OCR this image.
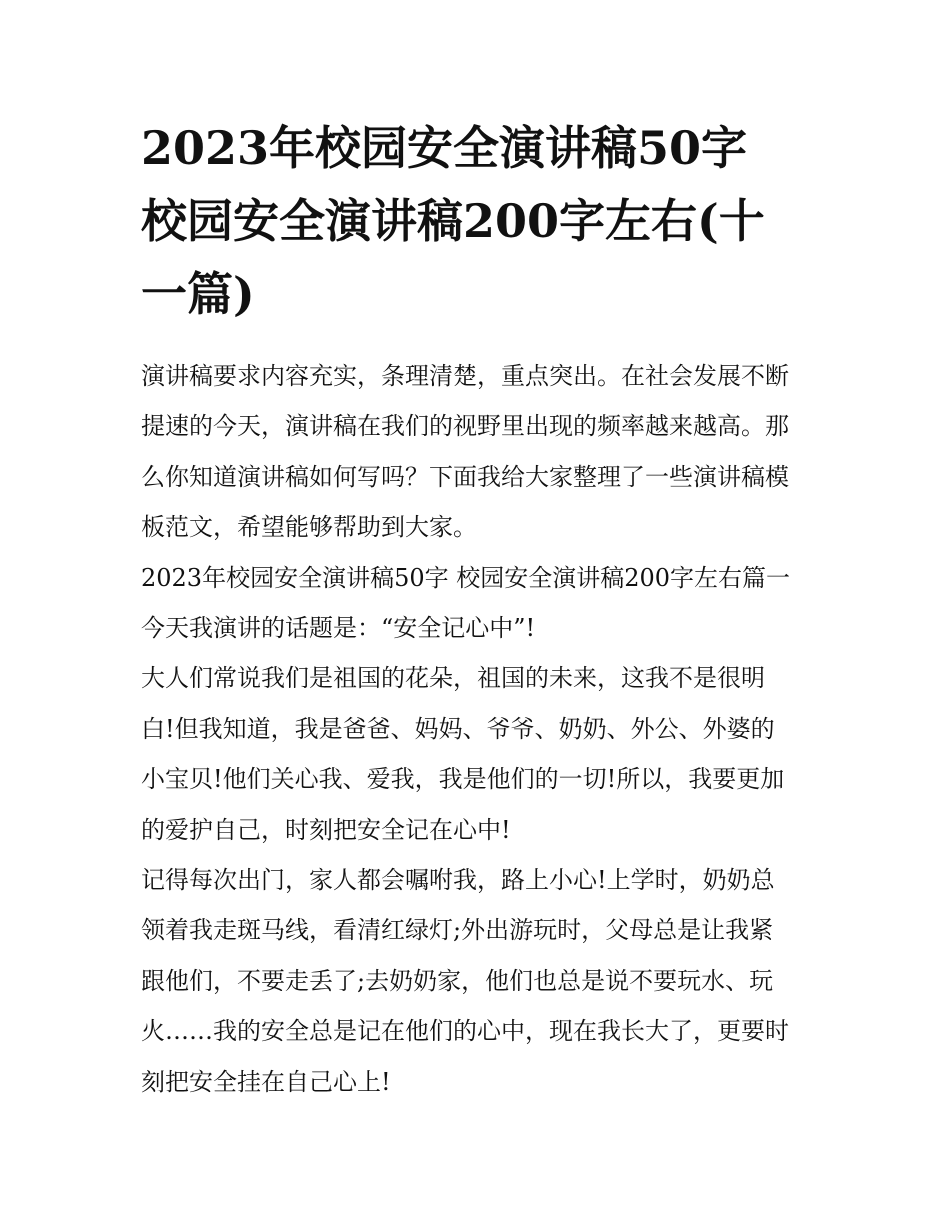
2023年校园安全演讲稿50字
校园安全演讲稿200字左右(十
一篇)

演讲稿要求内容充实，条理清楚，重点突出。在社会发展不断
提速的今天，演讲稿在我们的视野里出现的频率越来越高。那
么你知道演讲稿如何写吗？下面我给大家整理了一些演讲稿模
板范文，希望能够帮助到大家。

2023年校园安全演讲稿50字 校园安全演讲稿200字左右篇一

今天我演讲的话题是：“安全记心中”!

大人们常说我们是祖国的花朵，祖国的未来，这我不是很明
白!但我知道，我是爸爸、妈妈、爷爷、奶奶、外公、外婆的
小宝贝!他们关心我、爱我，我是他们的一切!所以，我要更加
的爱护自己，时刻把安全记在心中!

记得每次出门，家人都会嘱咐我，路上小心!上学时，奶奶总
领着我走斑马线，看清红绿灯;外出游玩时，父母总是让我紧
跟他们，不要走丢了;去奶奶家，他们也总是说不要玩水、玩
火……我的安全总是记在他们的心中，现在我长大了，更要时
刻把安全挂在自己心上!
